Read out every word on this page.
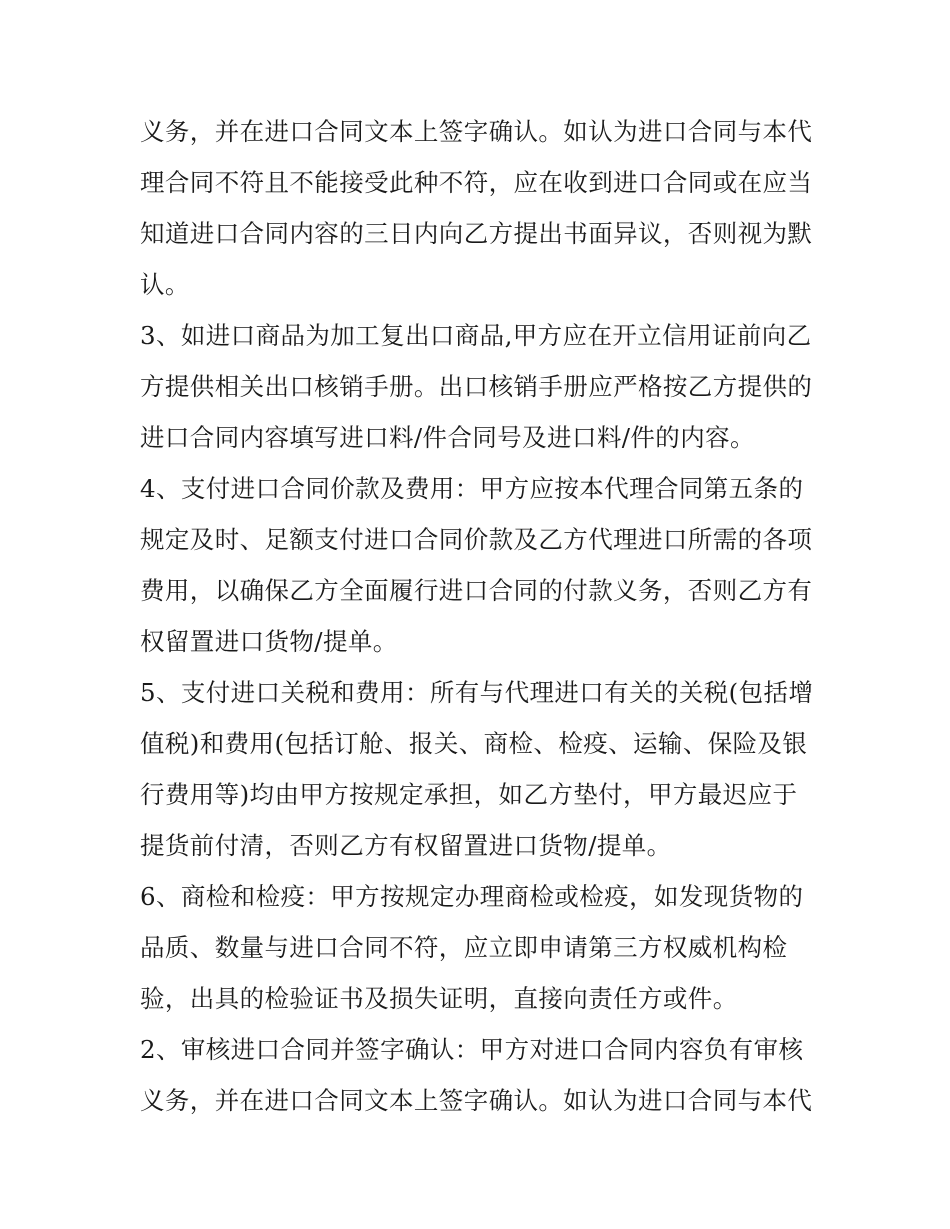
义务，并在进口合同文本上签字确认。如认为进口合同与本代
理合同不符且不能接受此种不符，应在收到进口合同或在应当
知道进口合同内容的三日内向乙方提出书面异议，否则视为默
认。
3、如进口商品为加工复出口商品,甲方应在开立信用证前向乙
方提供相关出口核销手册。出口核销手册应严格按乙方提供的
进口合同内容填写进口料/件合同号及进口料/件的内容。
4、支付进口合同价款及费用：甲方应按本代理合同第五条的
规定及时、足额支付进口合同价款及乙方代理进口所需的各项
费用，以确保乙方全面履行进口合同的付款义务，否则乙方有
权留置进口货物/提单。
5、支付进口关税和费用：所有与代理进口有关的关税(包括增
值税)和费用(包括订舱、报关、商检、检疫、运输、保险及银
行费用等)均由甲方按规定承担，如乙方垫付，甲方最迟应于
提货前付清，否则乙方有权留置进口货物/提单。
6、商检和检疫：甲方按规定办理商检或检疫，如发现货物的
品质、数量与进口合同不符，应立即申请第三方权威机构检
验，出具的检验证书及损失证明，直接向责任方或件。
2、审核进口合同并签字确认：甲方对进口合同内容负有审核
义务，并在进口合同文本上签字确认。如认为进口合同与本代
